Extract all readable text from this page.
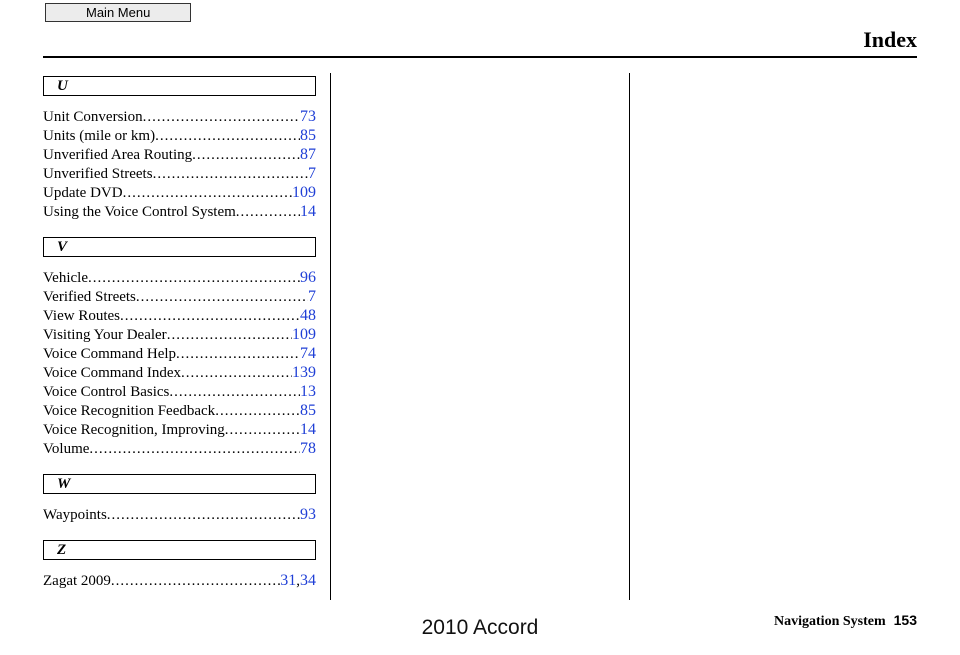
Main Menu
Index
U
Unit Conversion .....	73
Units (mile or km) .....	85
Unverified Area Routing .....	87
Unverified Streets .....	7
Update DVD .....	109
Using the Voice Control System .....	14
V
Vehicle .....	96
Verified Streets .....	7
View Routes .....	48
Visiting Your Dealer .....	109
Voice Command Help .....	74
Voice Command Index .....	139
Voice Control Basics .....	13
Voice Recognition Feedback .....	85
Voice Recognition, Improving .....	14
Volume .....	78
W
Waypoints .....	93
Z
Zagat 2009 .....	31 , 34
Navigation System 153
2010 Accord
